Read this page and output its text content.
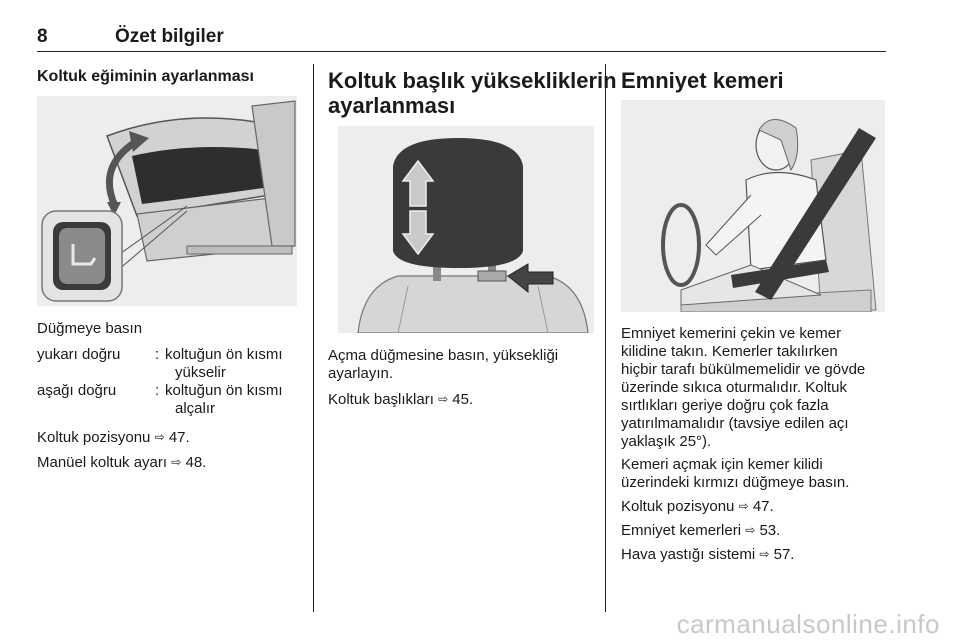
8	Özet bilgiler
Koltuk eğiminin ayarlanması
Düğmeye basın
yukarı doğru	:	koltuğun ön kısmı
yükselir

aşağı doğru	:	koltuğun ön kısmı
alçalır
Koltuk pozisyonu ⇨ 47.
Manüel koltuk ayarı ⇨ 48.
Koltuk başlık yüksekliklerin
ayarlanması
Açma düğmesine basın, yüksekliği
ayarlayın.
Koltuk başlıkları ⇨ 45.
Emniyet kemeri
Emniyet kemerini çekin ve kemer
kilidine takın. Kemerler takılırken
hiçbir tarafı bükülmemelidir ve gövde
üzerinde sıkıca oturmalıdır. Koltuk
sırtlıkları geriye doğru çok fazla
yatırılmamalıdır (tavsiye edilen açı
yaklaşık 25°).
Kemeri açmak için kemer kilidi
üzerindeki kırmızı düğmeye basın.
Koltuk pozisyonu ⇨ 47.
Emniyet kemerleri ⇨ 53.
Hava yastığı sistemi ⇨ 57.
carmanualsonline.info
